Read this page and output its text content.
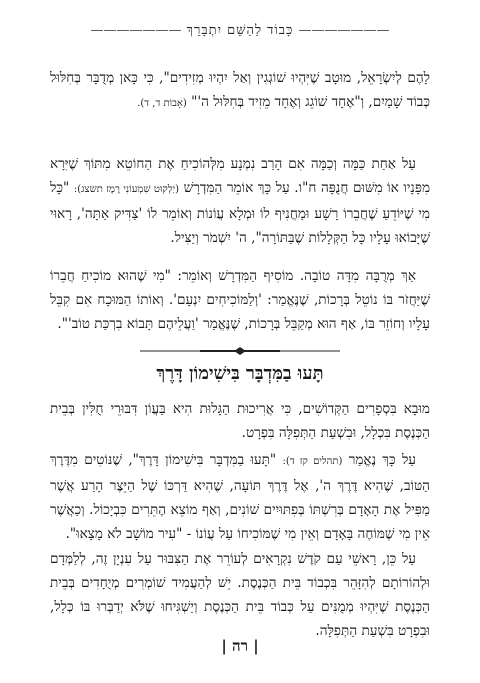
——————— כָּבוֹד לַהַשֵּׁם יִתְבָּרֵךְ ———————

לָהֶם לְיִשְׂרָאֵל, מוּטָב שֶׁיִּהְיוּ שׁוֹגְגִין וְאַל יִהְיוּ מְזִידִים", כִּי כָּאן מְדֻבָּר בְּחִלּוּל כְּבוֹד שָׁמַיִם, וְ"אֶחָד שׁוֹגֵג וְאֶחָד מֵזִיד בְּחִלּוּל ה'" (אָבוֹת ד, ד).

עַל אַחַת כַּמָּה וְכַמָּה אִם הָרַב נִמְנָע מִלְּהוֹכִיחַ אֶת הַחוֹטֵא מִתּוֹךְ שֶׁיִּרָא מִפָּנָיו אוֹ מִשּׁוּם חֲנֻפָּה ח"ו. עַל כָּךְ אוֹמֵר הַמִּדְרָשׁ (יַלְקוּט שִׁמְעוֹנִי רֶמֶז תשצג): "כָּל מִי שֶׁיּוֹדֵעַ שֶׁחֲבֵרוֹ רָשָׁע וּמַחֲנִיף לוֹ וּמְלָא עֲוֹנוֹת וְאוֹמֵר לוֹ 'צַדִּיק אַתָּה', רָאוּי שֶׁיָּבוֹאוּ עָלָיו כָּל הַקְּלָלוֹת שֶׁבַּתּוֹרָה", ה' יִשְׁמֹר וְיַצִּיל.

אַךְ מְרֻבָּה מִדָּה טוֹבָה. מוֹסִיף הַמִּדְרָשׁ וְאוֹמֵר: "מִי שֶׁהוּא מוֹכִיחַ חֲבֵרוֹ שֶׁיַּחֲזֹר בּוֹ נוֹטֵל בְּרָכוֹת, שֶׁנֶּאֱמַר: 'וְלַמּוֹכִיחִים יִנְעָם'. וְאוֹתוֹ הַמּוּכָח אִם קִבֵּל עָלָיו וְחוֹזֵר בּוֹ, אַף הוּא מְקַבֵּל בְּרָכוֹת, שֶׁנֶּאֱמַר 'וַעֲלֵיהֶם תָּבוֹא בִרְכַּת טוֹב'".

תָּעוּ בַמִּדְבָּר בִּישִׁימוֹן דָּרֶךְ

מוּבָא בִּסְפָרִים הַקְּדוֹשִׁים, כִּי אֲרִיכוּת הַגָּלוּת הִיא בַּעֲוֹן דִּבּוּרֵי חֻלִּין בְּבֵית הַכְּנֶסֶת בִּכְלָל, וּבִשְׁעַת הַתְּפִלָּה בִּפְרָט.

עַל כָּךְ נֶאֱמַר (תהלים קז ד): "תָּעוּ בַמִּדְבָּר בִּישִׁימוֹן דָּרֶךְ", שֶׁנּוֹטִים מִדֶּרֶךְ הַטּוֹב, שֶׁהִיא דֶּרֶךְ ה', אֶל דֶּרֶךְ תּוֹעָה, שֶׁהִיא דַּרְכּוֹ שֶׁל הַיֵּצֶר הָרַע אֲשֶׁר מַפִּיל אֶת הָאָדָם בְּרִשְׁתּוֹ בְּפִתּוּיִים שׁוֹנִים, וְאַף מוֹצֵא הֶתֵּרִים כִּבְיָכוֹל. וְכַאֲשֶׁר אֵין מִי שֶׁמּוֹחֶה בָּאָדָם וְאֵין מִי שֶׁמּוֹכִיחוֹ עַל עֲוֹנוֹ - "עִיר מוֹשָׁב לֹא מָצָאוּ".

עַל כֵּן, רָאשֵׁי עַם קֹדֶשׁ נִקְרָאִים לְעוֹרֵר אֶת הַצִּבּוּר עַל עִנְיָן זֶה, לְלַמְּדָם וּלְהוֹרוֹתָם לְהִזָּהֵר בִּכְבוֹד בֵּית הַכְּנֶסֶת. יֵשׁ לְהַעֲמִיד שׁוֹמְרִים מְיֻחָדִים בְּבֵית הַכְּנֶסֶת שֶׁיִּהְיוּ מְמֻנִּים עַל כְּבוֹד בֵּית הַכְּנֶסֶת וְיַשְׁגִּיחוּ שֶׁלֹּא יְדַבְּרוּ בּוֹ כְּלָל, וּבִפְרָט בִּשְׁעַת הַתְּפִלָּה.

| רה |
